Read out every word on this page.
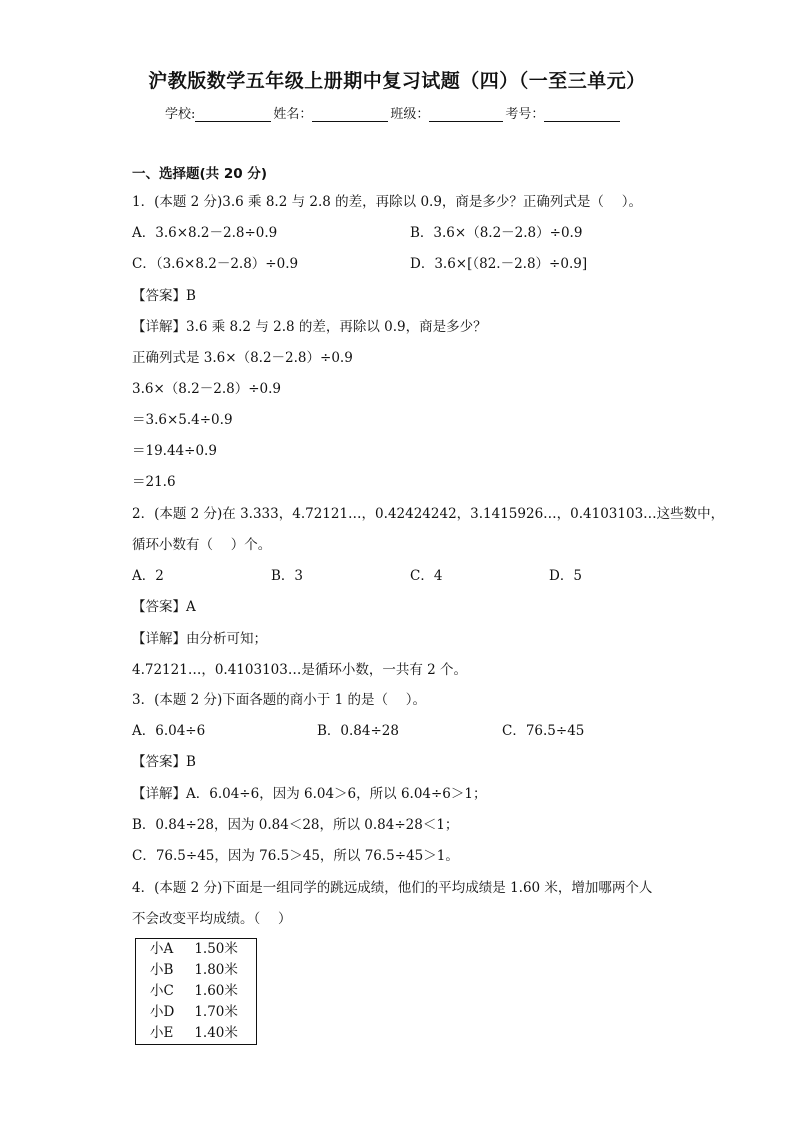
沪教版数学五年级上册期中复习试题（四）（一至三单元）
学校:	姓名：	班级：	考号：
一、选择题(共 20 分)
1．(本题 2 分)3.6 乘 8.2 与 2.8 的差，再除以 0.9，商是多少？正确列式是（　 ）。
A．3.6×8.2－2.8÷0.9	B．3.6×（8.2－2.8）÷0.9
C．（3.6×8.2－2.8）÷0.9	D．3.6×[（82.－2.8）÷0.9]
【答案】B
【详解】3.6 乘 8.2 与 2.8 的差，再除以 0.9，商是多少？
正确列式是 3.6×（8.2－2.8）÷0.9
3.6×（8.2－2.8）÷0.9
＝3.6×5.4÷0.9
＝19.44÷0.9
＝21.6
2．(本题 2 分)在 3.333，4.72121…，0.42424242，3.1415926…，0.4103103…这些数中，
循环小数有（　 ）个。
A．2	B．3	C．4	D．5
【答案】A
【详解】由分析可知；
4.72121…，0.4103103…是循环小数，一共有 2 个。
3．(本题 2 分)下面各题的商小于 1 的是（　 ）。
A．6.04÷6	B．0.84÷28	C．76.5÷45
【答案】B
【详解】A．6.04÷6，因为 6.04＞6，所以 6.04÷6＞1；
B．0.84÷28，因为 0.84＜28，所以 0.84÷28＜1；
C．76.5÷45，因为 76.5＞45，所以 76.5÷45＞1。
4．(本题 2 分)下面是一组同学的跳远成绩，他们的平均成绩是 1.60 米，增加哪两个人
不会改变平均成绩。（　 ）
小A	1.50米
小B	1.80米
小C	1.60米
小D	1.70米
小E	1.40米
